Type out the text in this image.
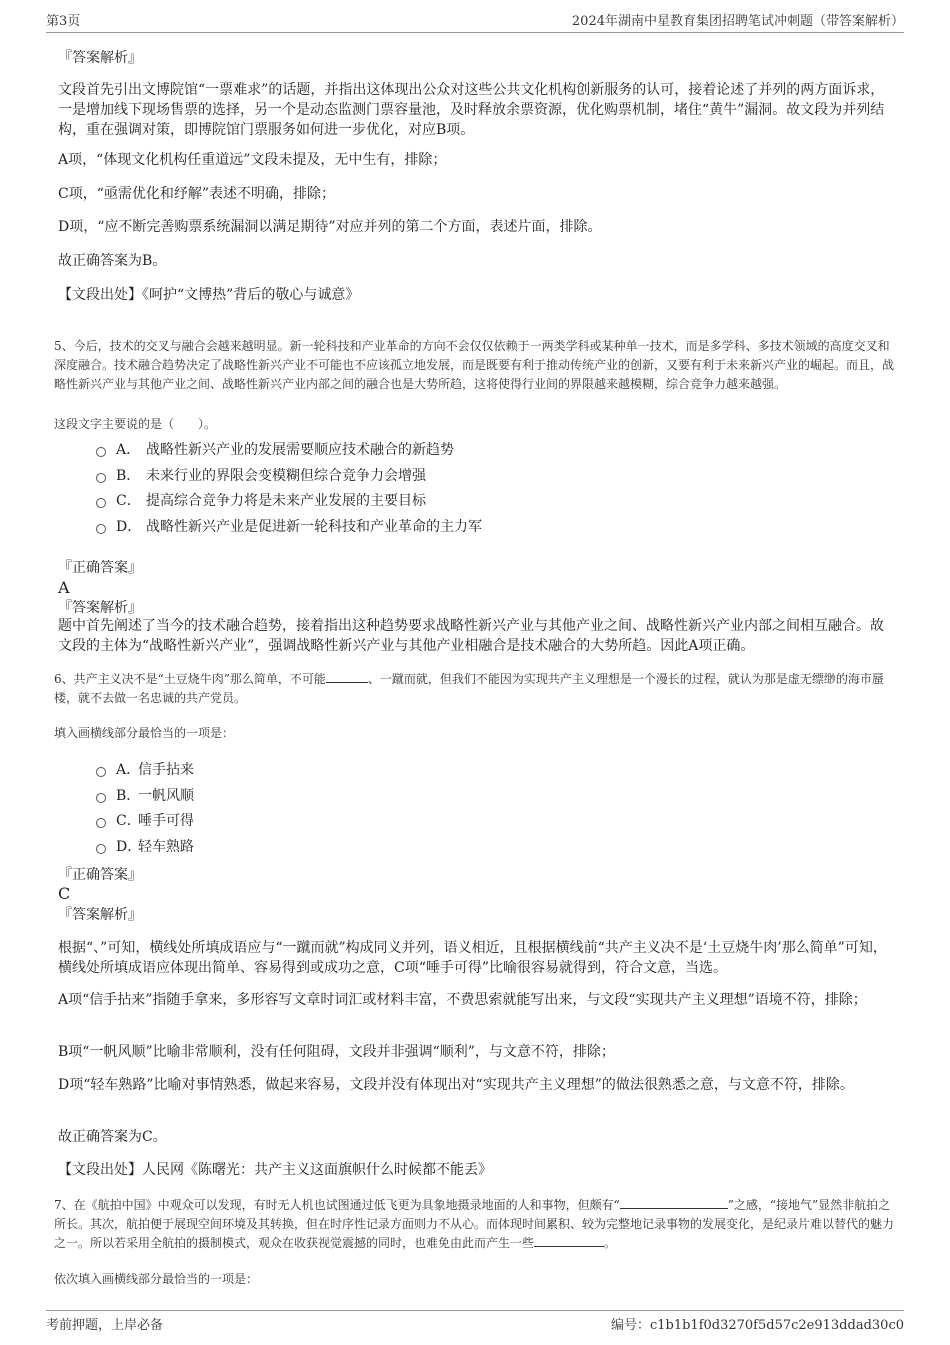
第3页	2024年湖南中星教育集团招聘笔试冲刺题（带答案解析）
『答案解析』
文段首先引出文博院馆“一票难求”的话题，并指出这体现出公众对这些公共文化机构创新服务的认可，接着论述了并列的两方面诉求，一是增加线下现场售票的选择，另一个是动态监测门票容量池，及时释放余票资源，优化购票机制，堵住“黄牛”漏洞。故文段为并列结构，重在强调对策，即博院馆门票服务如何进一步优化，对应B项。
A项，“体现文化机构任重道远”文段未提及，无中生有，排除；
C项，“亟需优化和纾解”表述不明确，排除；
D项，“应不断完善购票系统漏洞以满足期待”对应并列的第二个方面，表述片面，排除。
故正确答案为B。
【文段出处】《呵护“文博热”背后的敬心与诚意》
5、今后，技术的交叉与融合会越来越明显。新一轮科技和产业革命的方向不会仅仅依赖于一两类学科或某种单一技术，而是多学科、多技术领域的高度交叉和深度融合。技术融合趋势决定了战略性新兴产业不可能也不应该孤立地发展，而是既要有利于推动传统产业的创新，又要有利于未来新兴产业的崛起。而且，战略性新兴产业与其他产业之间、战略性新兴产业内部之间的融合也是大势所趋，这将使得行业间的界限越来越模糊，综合竞争力越来越强。
这段文字主要说的是（　　）。
A． 战略性新兴产业的发展需要顺应技术融合的新趋势
B． 未来行业的界限会变模糊但综合竞争力会增强
C． 提高综合竞争力将是未来产业发展的主要目标
D． 战略性新兴产业是促进新一轮科技和产业革命的主力军
『正确答案』
A
『答案解析』
题中首先阐述了当今的技术融合趋势，接着指出这种趋势要求战略性新兴产业与其他产业之间、战略性新兴产业内部之间相互融合。故文段的主体为“战略性新兴产业”，强调战略性新兴产业与其他产业相融合是技术融合的大势所趋。因此A项正确。
6、共产主义决不是“土豆烧牛肉”那么简单，不可能	、一蹴而就，但我们不能因为实现共产主义理想是一个漫长的过程，就认为那是虚无缥缈的海市蜃楼，就不去做一名忠诚的共产党员。
填入画横线部分最恰当的一项是：
A．信手拈来
B．一帆风顺
C．唾手可得
D．轻车熟路
『正确答案』
C
『答案解析』
根据“、”可知，横线处所填成语应与“一蹴而就”构成同义并列，语义相近，且根据横线前“共产主义决不是‘土豆烧牛肉’那么简单”可知，横线处所填成语应体现出简单、容易得到或成功之意，C项“唾手可得”比喻很容易就得到，符合文意，当选。
A项“信手拈来”指随手拿来，多形容写文章时词汇或材料丰富，不费思索就能写出来，与文段“实现共产主义理想”语境不符，排除；
B项“一帆风顺”比喻非常顺利，没有任何阻碍，文段并非强调“顺利”，与文意不符，排除；
D项“轻车熟路”比喻对事情熟悉，做起来容易，文段并没有体现出对“实现共产主义理想”的做法很熟悉之意，与文意不符，排除。
故正确答案为C。
【文段出处】人民网《陈曙光：共产主义这面旗帜什么时候都不能丢》
7、在《航拍中国》中观众可以发现，有时无人机也试图通过低飞更为具象地摄录地面的人和事物，但颇有“	”之感，“接地气”显然非航拍之所长。其次，航拍便于展现空间环境及其转换，但在时序性记录方面则力不从心。而体现时间累积、较为完整地记录事物的发展变化，是纪录片难以替代的魅力之一。所以若采用全航拍的摄制模式，观众在收获视觉震撼的同时，也难免由此而产生一些	。
依次填入画横线部分最恰当的一项是：
考前押题，上岸必备	编号：c1b1b1f0d3270f5d57c2e913ddad30c0
